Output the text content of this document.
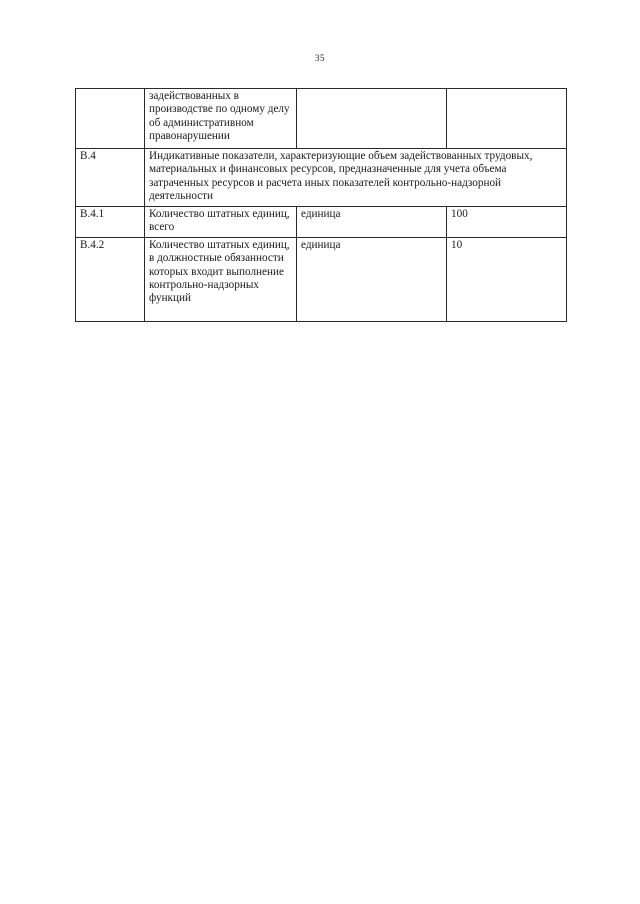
35
	задействованных в производстве по одному делу об административном правонарушении		
В.4	Индикативные показатели, характеризующие объем задействованных трудовых, материальных и финансовых ресурсов, предназначенные для учета объема затраченных ресурсов и расчета иных показателей контрольно-надзорной деятельности		
В.4.1	Количество штатных единиц, всего	единица	100
В.4.2	Количество штатных единиц, в должностные обязанности которых входит выполнение контрольно-надзорных функций	единица	10
